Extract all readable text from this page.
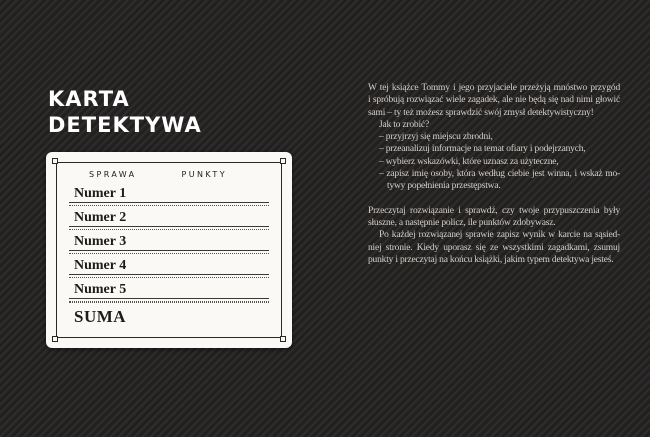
KARTA
DETEKTYWA
SPRAWA	PUNKTY
Numer 1
Numer 2
Numer 3
Numer 4
Numer 5
SUMA
W tej książce Tommy i jego przyjaciele przeżyją mnóstwo przygód
i spróbują rozwiązać wiele zagadek, ale nie będą się nad nimi głowić
sami – ty też możesz sprawdzić swój zmysł detektywistyczny!
Jak to zrobić?
– przyjrzyj się miejscu zbrodni,
– przeanalizuj informacje na temat ofiary i podejrzanych,
– wybierz wskazówki, które uznasz za użyteczne,
– zapisz imię osoby, która według ciebie jest winna, i wskaż mo-
tywy popełnienia przestępstwa.
Przeczytaj rozwiązanie i sprawdź, czy twoje przypuszczenia były
słuszne, a następnie policz, ile punktów zdobywasz.
Po każdej rozwiązanej sprawie zapisz wynik w karcie na sąsied-
niej stronie. Kiedy uporasz się ze wszystkimi zagadkami, zsumuj
punkty i przeczytaj na końcu książki, jakim typem detektywa jesteś.
